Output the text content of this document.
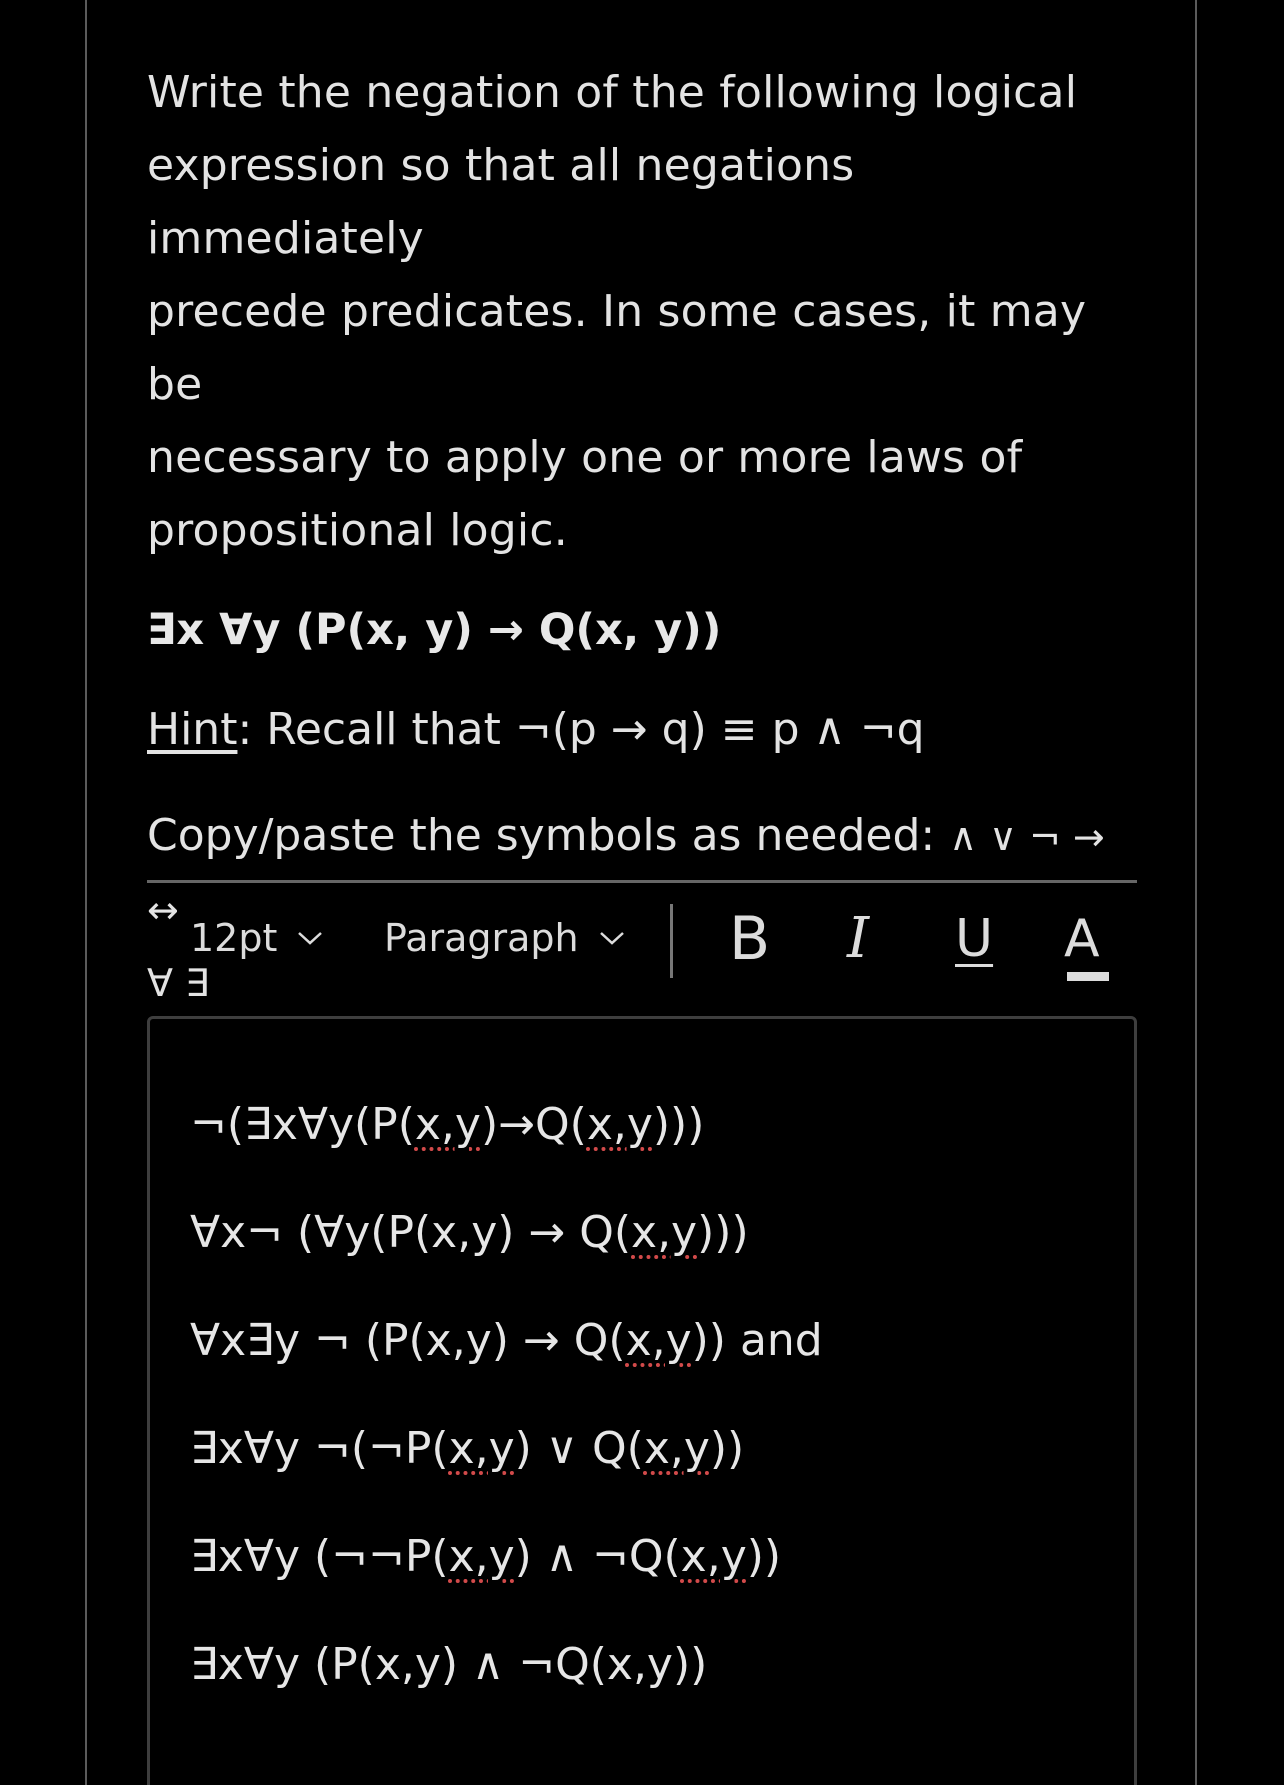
Write the negation of the following logical
expression so that all negations immediately
precede predicates. In some cases, it may be
necessary to apply one or more laws of
propositional logic.

∃x ∀y (P(x, y) → Q(x, y))

Hint: Recall that ¬(p → q) ≡ p ∧ ¬q

Copy/paste the symbols as needed: ∧ ∨ ¬ → ↔
∀ ∃

12pt	Paragraph	B I U A
¬(∃x∀y(P(x,y)→Q(x,y)))
∀x¬ (∀y(P(x,y) → Q(x,y)))
∀x∃y ¬ (P(x,y) → Q(x,y)) and
∃x∀y ¬(¬P(x,y) ∨ Q(x,y))
∃x∀y (¬¬P(x,y) ∧ ¬Q(x,y))
∃x∀y (P(x,y) ∧ ¬Q(x,y))
